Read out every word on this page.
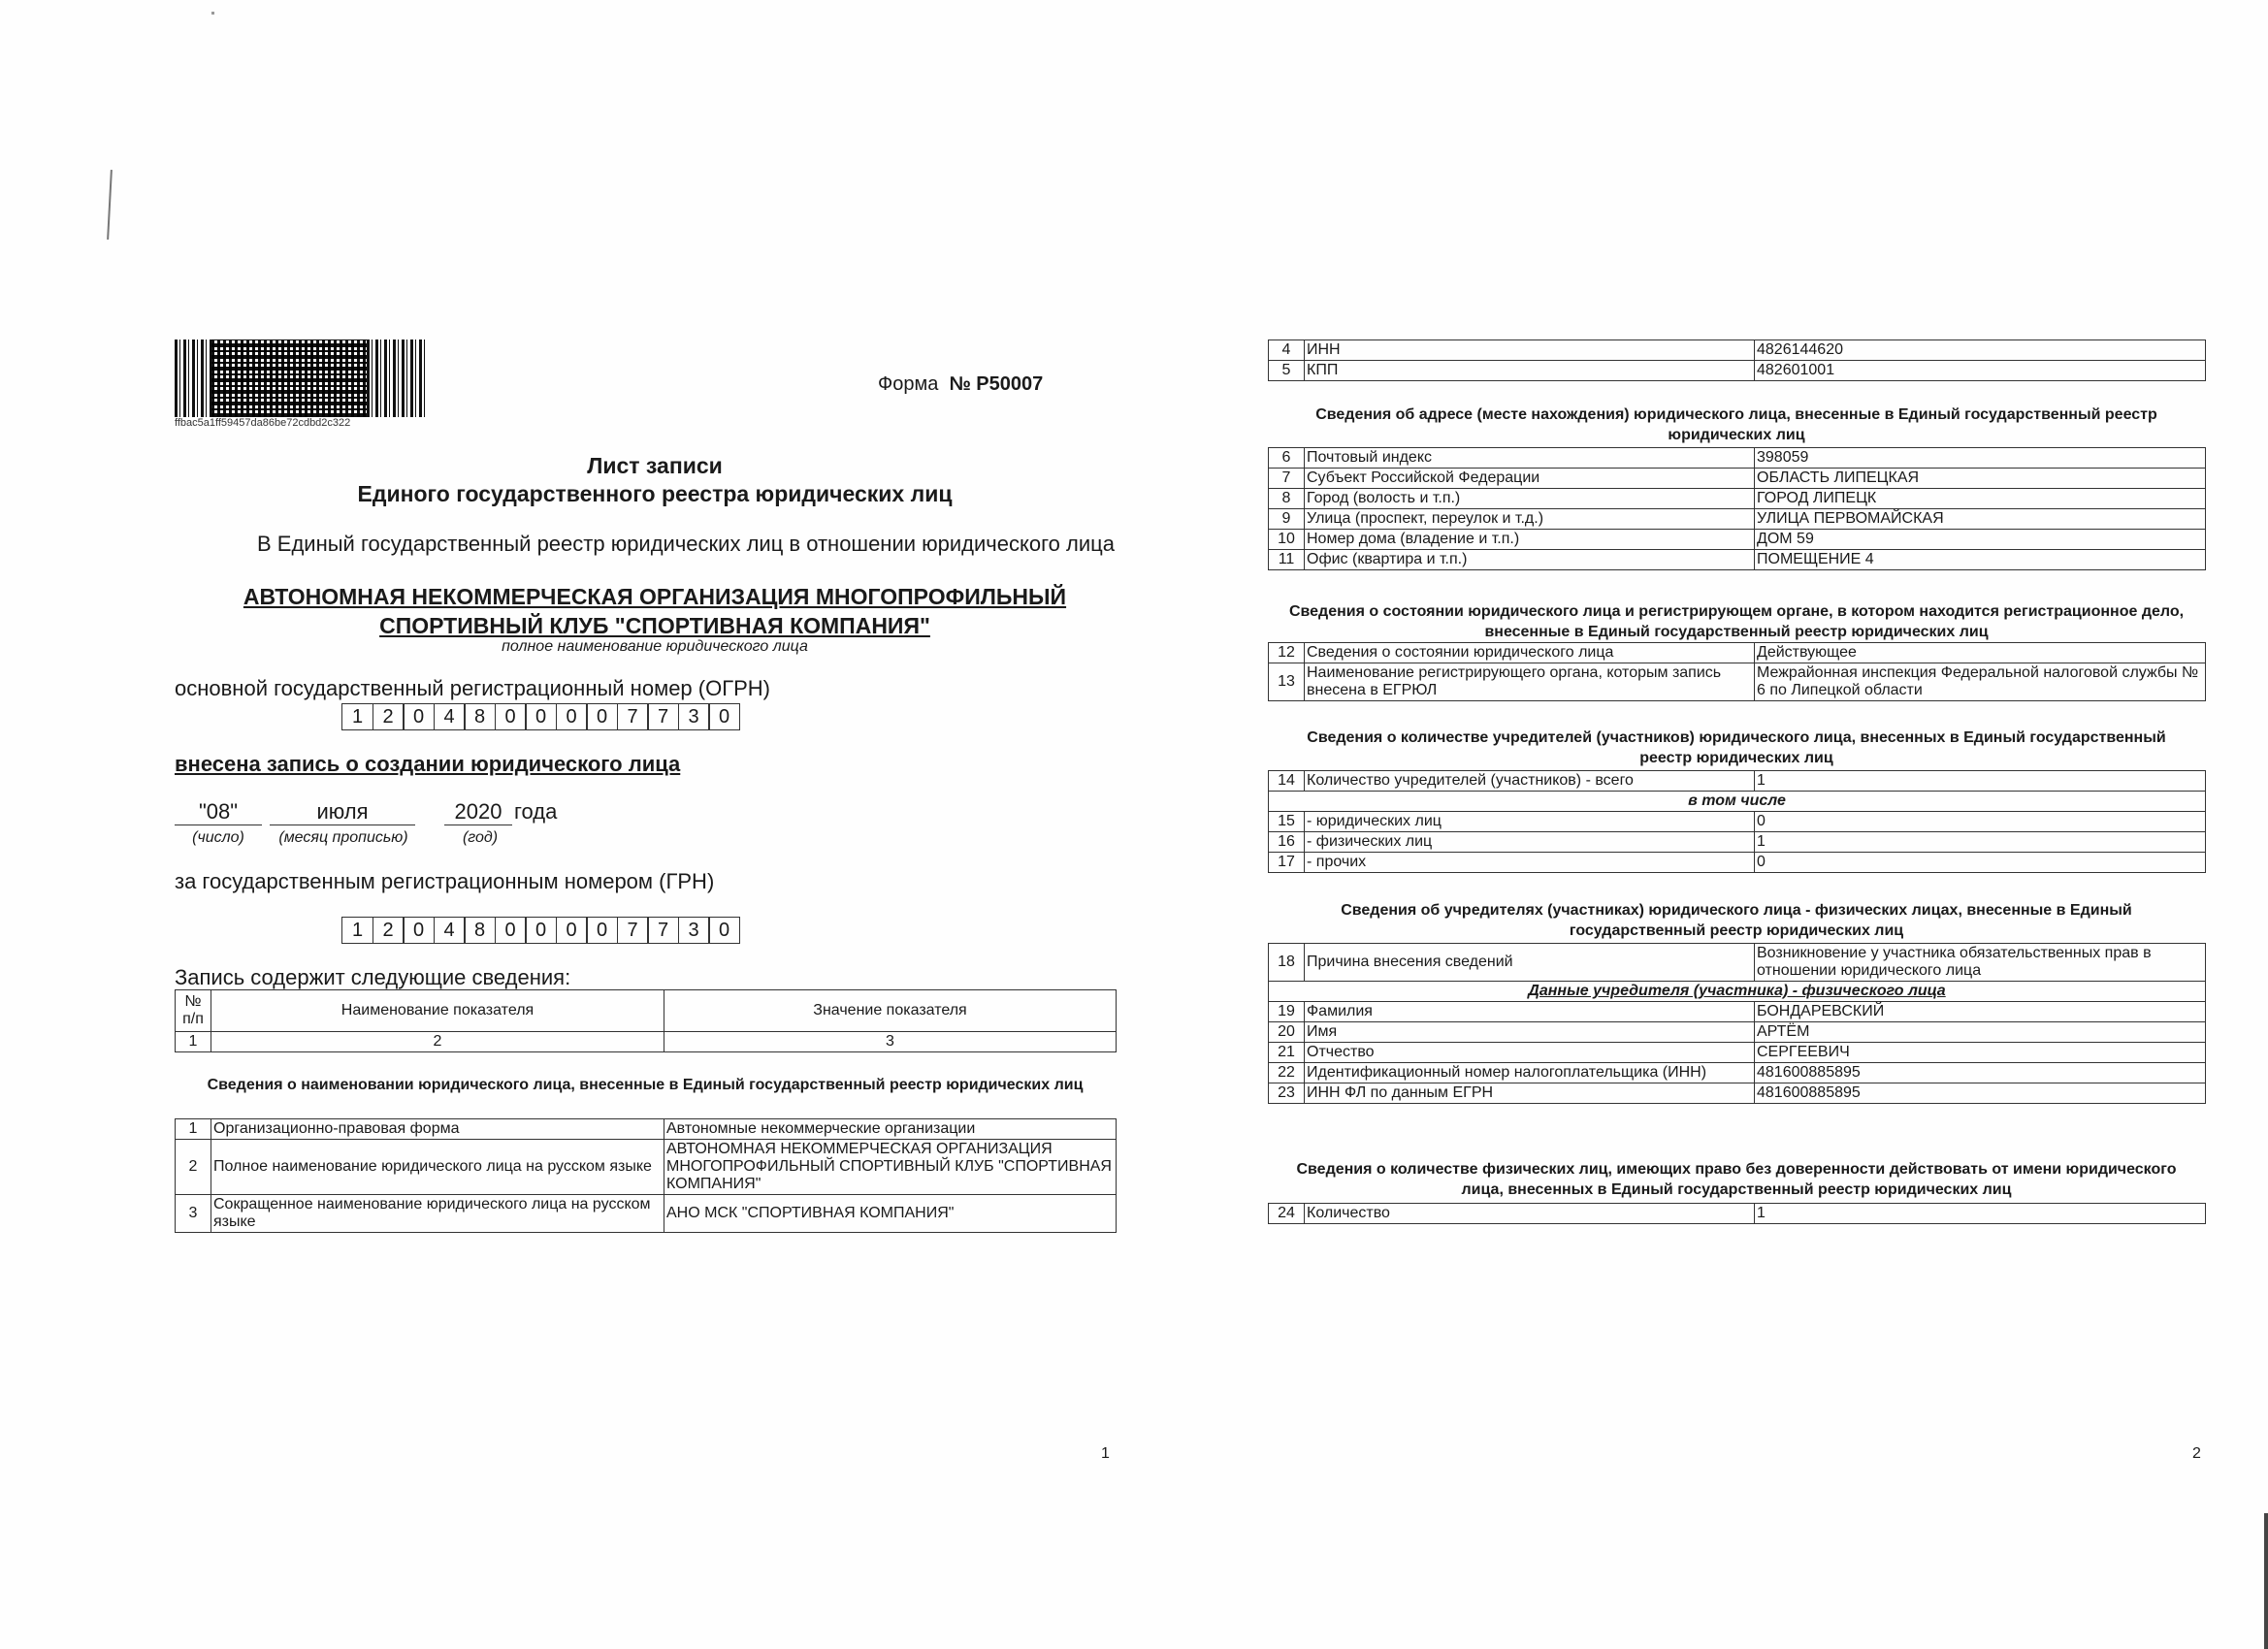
ffbac5a1ff59457da86be72cdbd2c322
Форма № Р50007
Лист записи
Единого государственного реестра юридических лиц
В Единый государственный реестр юридических лиц в отношении юридического лица
АВТОНОМНАЯ НЕКОММЕРЧЕСКАЯ ОРГАНИЗАЦИЯ МНОГОПРОФИЛЬНЫЙ
СПОРТИВНЫЙ КЛУБ "СПОРТИВНАЯ КОМПАНИЯ"
полное наименование юридического лица
основной государственный регистрационный номер (ОГРН)
1	2	0	4	8	0	0	0	0	7	7	3	0
внесена запись о создании юридического лица
"08"	июля	2020 года
(число)	(месяц прописью)	(год)
за государственным регистрационным номером (ГРН)
1	2	0	4	8	0	0	0	0	7	7	3	0
Запись содержит следующие сведения:
№ п/п	Наименование показателя	Значение показателя
1	2	3
Сведения о наименовании юридического лица, внесенные в Единый государственный реестр юридических лиц
1	Организационно-правовая форма	Автономные некоммерческие организации
2	Полное наименование юридического лица на русском языке	АВТОНОМНАЯ НЕКОММЕРЧЕСКАЯ ОРГАНИЗАЦИЯ МНОГОПРОФИЛЬНЫЙ СПОРТИВНЫЙ КЛУБ "СПОРТИВНАЯ КОМПАНИЯ"
3	Сокращенное наименование юридического лица на русском языке	АНО МСК "СПОРТИВНАЯ КОМПАНИЯ"
1
4	ИНН	4826144620
5	КПП	482601001
Сведения об адресе (месте нахождения) юридического лица, внесенные в Единый государственный реестр юридических лиц
6	Почтовый индекс	398059
7	Субъект Российской Федерации	ОБЛАСТЬ ЛИПЕЦКАЯ
8	Город (волость и т.п.)	ГОРОД ЛИПЕЦК
9	Улица (проспект, переулок и т.д.)	УЛИЦА ПЕРВОМАЙСКАЯ
10	Номер дома (владение и т.п.)	ДОМ 59
11	Офис (квартира и т.п.)	ПОМЕЩЕНИЕ 4
Сведения о состоянии юридического лица и регистрирующем органе, в котором находится регистрационное дело, внесенные в Единый государственный реестр юридических лиц
12	Сведения о состоянии юридического лица	Действующее
13	Наименование регистрирующего органа, которым запись внесена в ЕГРЮЛ	Межрайонная инспекция Федеральной налоговой службы № 6 по Липецкой области
Сведения о количестве учредителей (участников) юридического лица, внесенных в Единый государственный реестр юридических лиц
14	Количество учредителей (участников) - всего	1
в том числе		
15	- юридических лиц	0
16	- физических лиц	1
17	- прочих	0
Сведения об учредителях (участниках) юридического лица - физических лицах, внесенные в Единый государственный реестр юридических лиц
18	Причина внесения сведений	Возникновение у участника обязательственных прав в отношении юридического лица
Данные учредителя (участника) - физического лица		
19	Фамилия	БОНДАРЕВСКИЙ
20	Имя	АРТЁМ
21	Отчество	СЕРГЕЕВИЧ
22	Идентификационный номер налогоплательщика (ИНН)	481600885895
23	ИНН ФЛ по данным ЕГРН	481600885895
Сведения о количестве физических лиц, имеющих право без доверенности действовать от имени юридического лица, внесенных в Единый государственный реестр юридических лиц
24	Количество	1
2
